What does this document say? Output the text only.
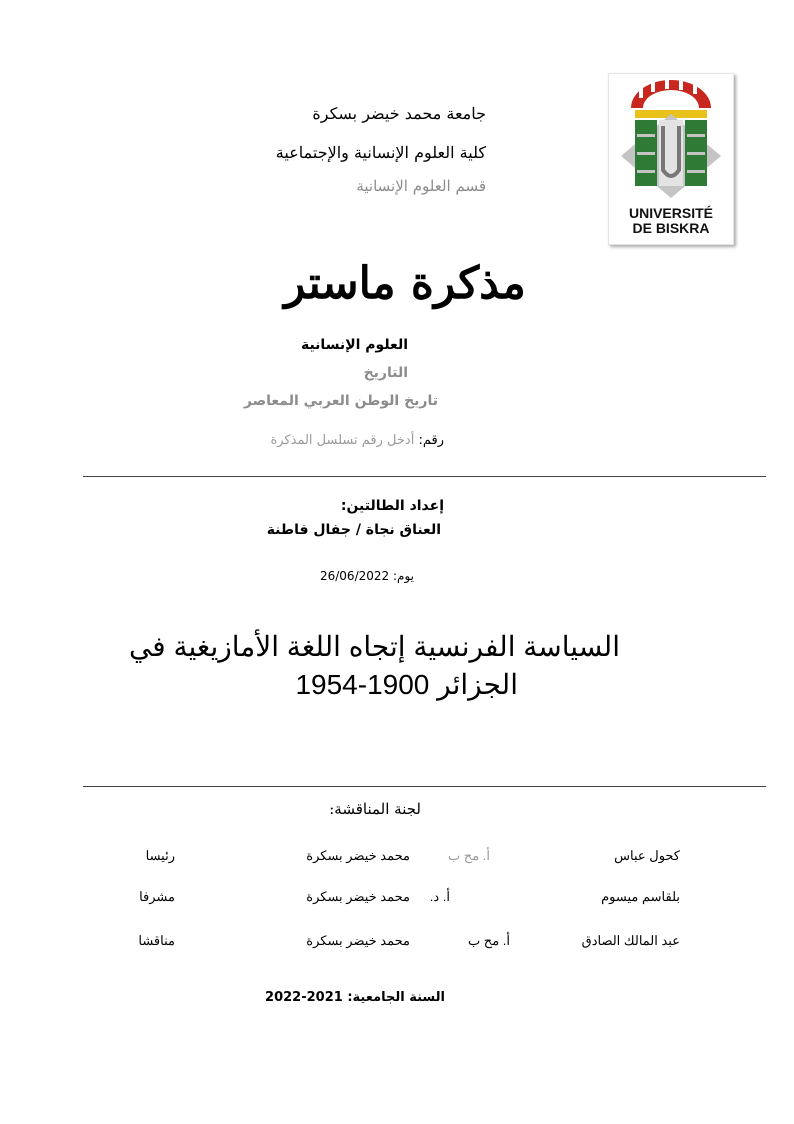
جامعة محمد خيضر بسكرة
كلية العلوم الإنسانية والإجتماعية
قسم العلوم الإنسانية
UNIVERSITÉ
DE BISKRA
مذكرة ماستر
العلوم الإنسانية
التاريخ
تاريخ الوطن العربي المعاصر
رقم: أدخل رقم تسلسل المذكرة
إعداد الطالتين:
العناق نجاة / جفال فاطنة
يوم: 26/06/2022
السياسة الفرنسية إتجاه اللغة الأمازيغية في
الجزائر 1900-1954
لجنة المناقشة:
كحول عباس
أ. مح ب
محمد خيضر بسكرة
رئيسا
بلقاسم ميسوم
أ. د.
محمد خيضر بسكرة
مشرفا
عبد المالك الصادق
أ. مح ب
محمد خيضر بسكرة
مناقشا
السنة الجامعية: 2021-2022
